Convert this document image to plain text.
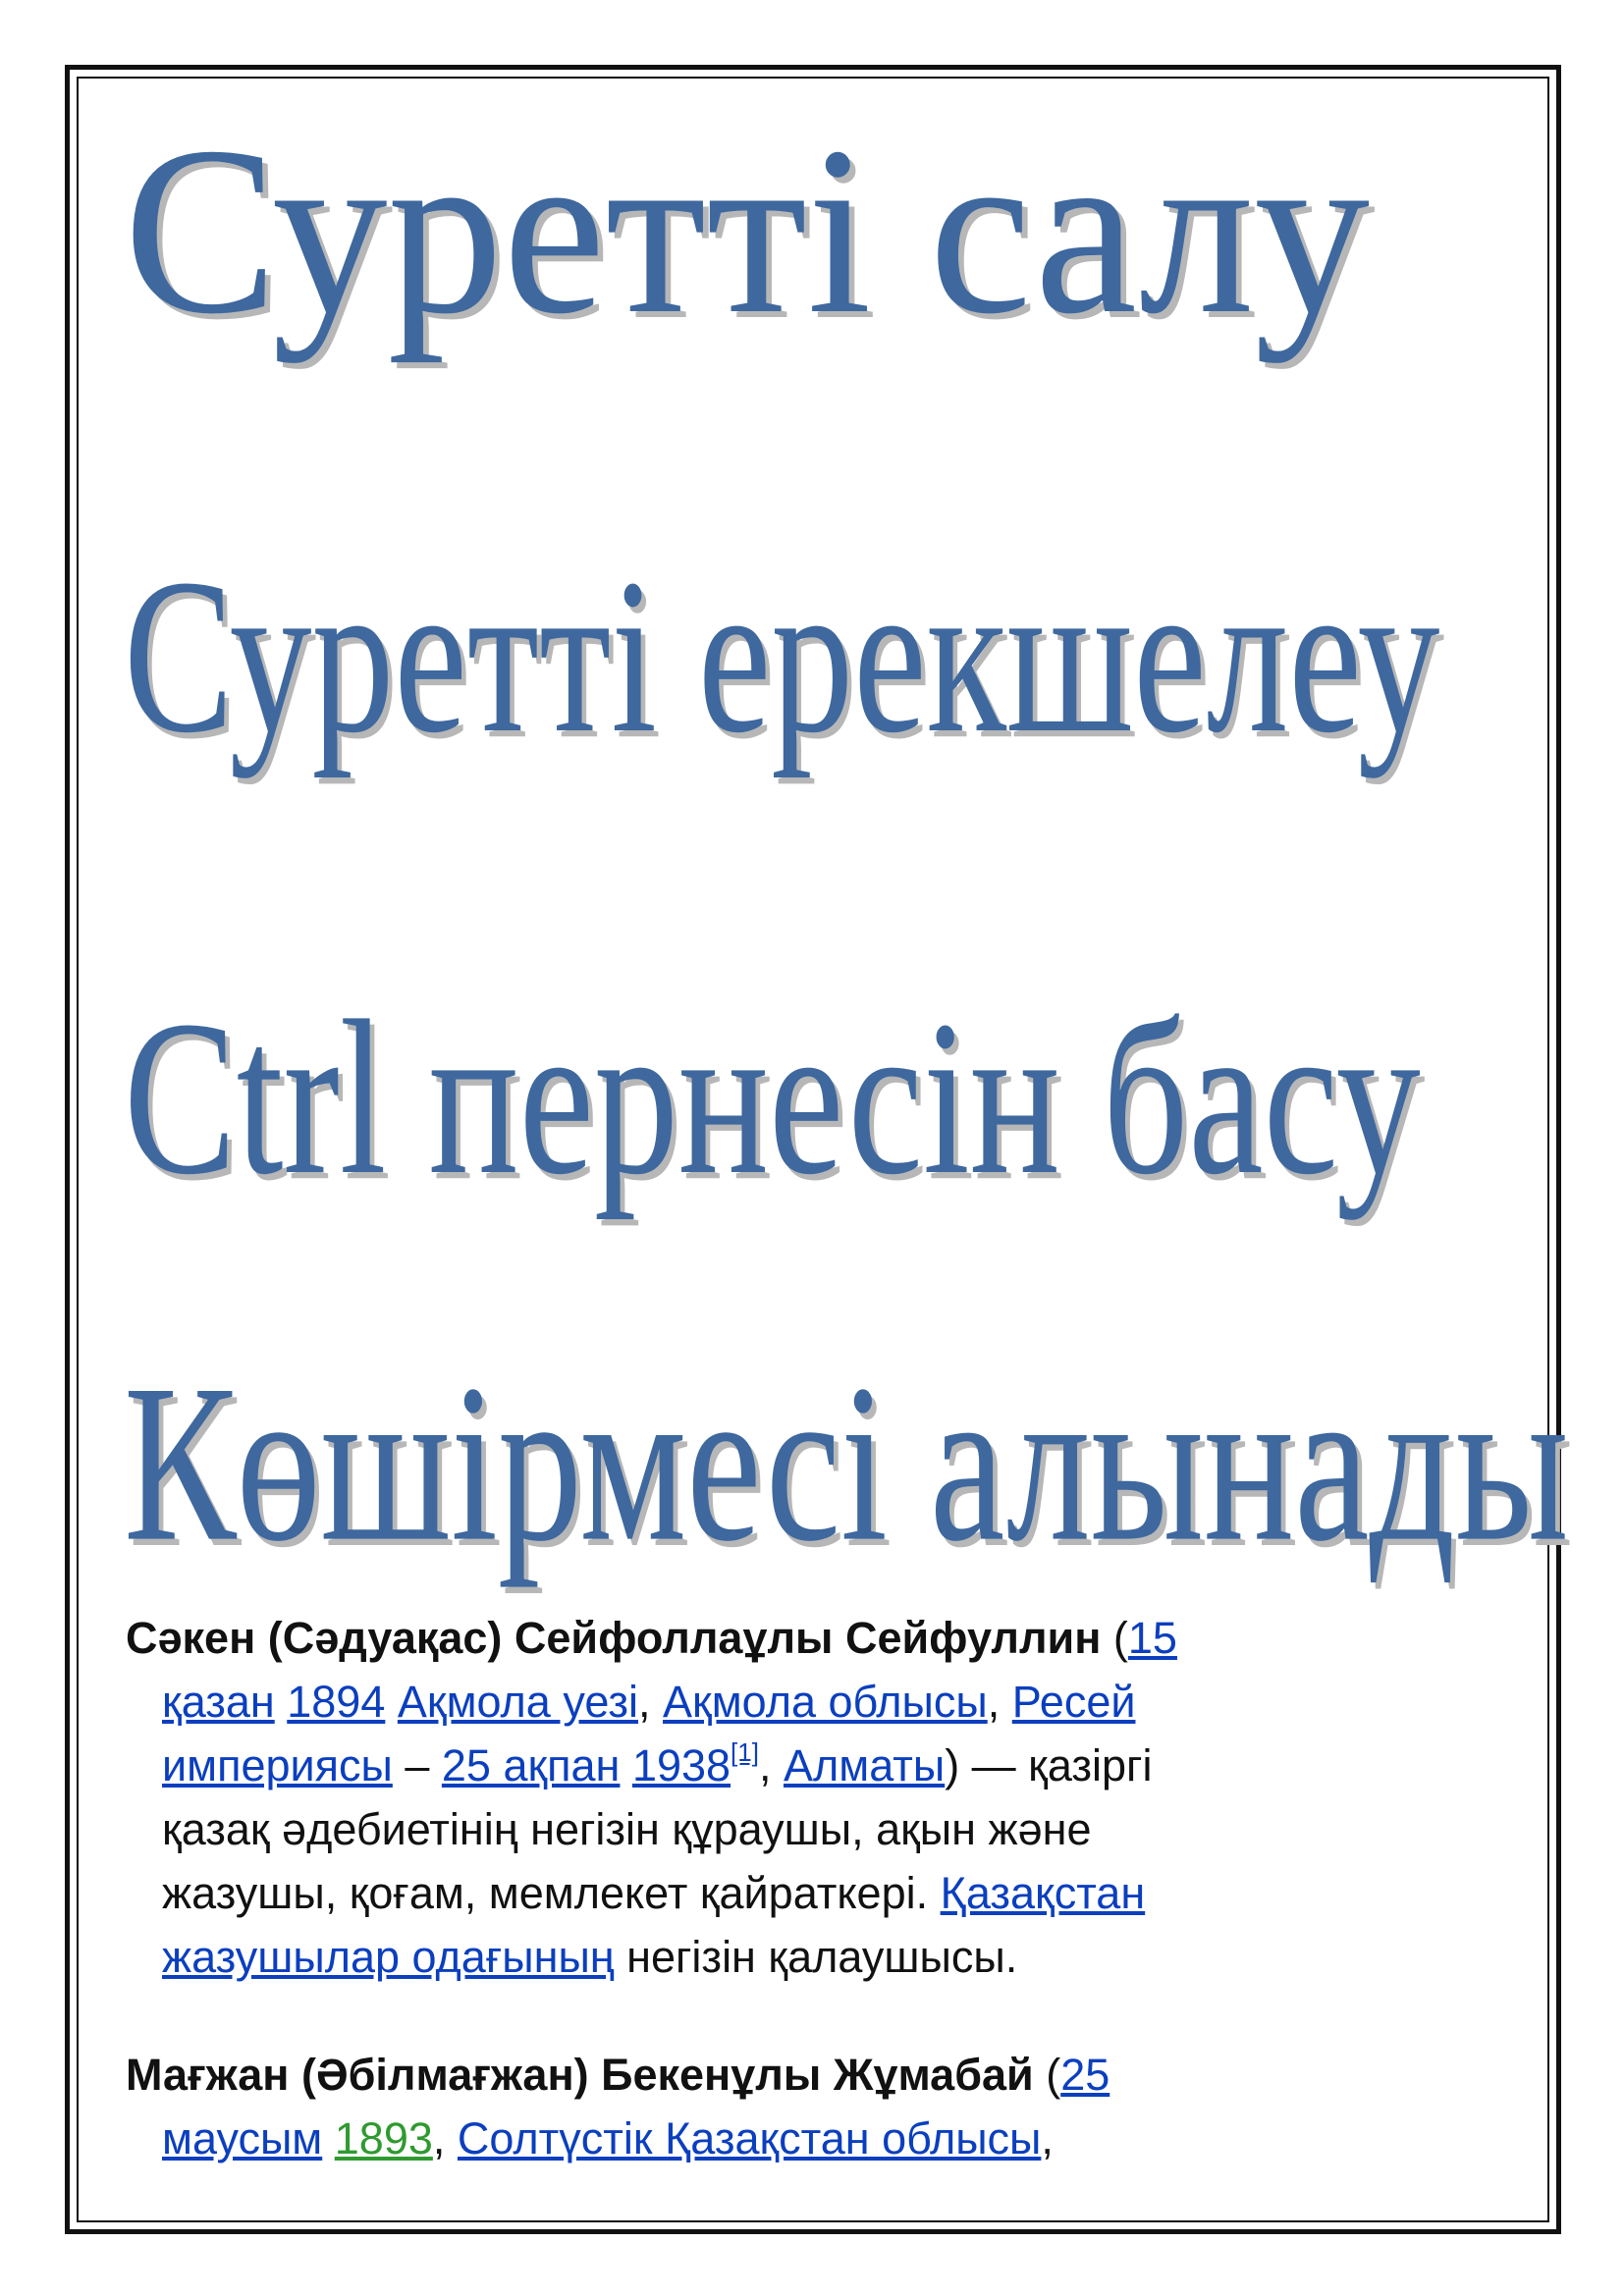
Суретті салу
Суретті ерекшелеу
Ctrl пернесін басу
Көшірмесі алынады

Сәкен (Сәдуақас) Сейфоллаұлы Сейфуллин (15
қазан 1894 Ақмола уезі, Ақмола облысы, Ресей
империясы – 25 ақпан 1938[1], Алматы) — қазіргі
қазақ әдебиетінің негізін құраушы, ақын және
жазушы, қоғам, мемлекет қайраткері. Қазақстан
жазушылар одағының негізін қалаушысы.

Мағжан (Әбілмағжан) Бекенұлы Жұмабай (25
маусым 1893, Солтүстік Қазақстан облысы,
